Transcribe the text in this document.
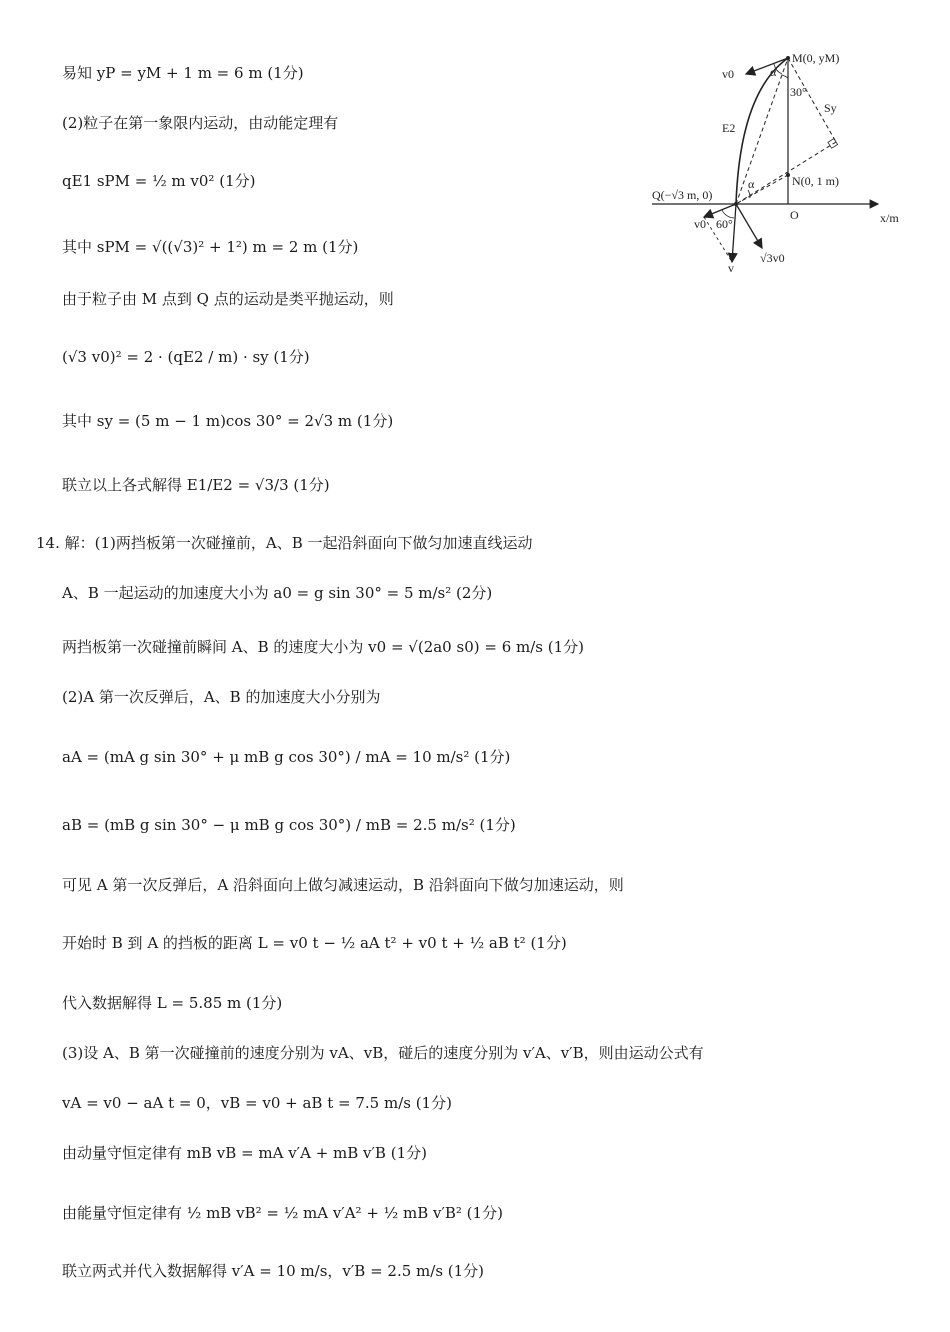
易知 yP = yM + 1 m = 6 m (1分)
(2)粒子在第一象限内运动，由动能定理有
qE1 sPM = ½ m v0² (1分)
其中 sPM = √((√3)² + 1²) m = 2 m (1分)
由于粒子由 M 点到 Q 点的运动是类平抛运动，则
(√3 v0)² = 2 · (qE2 / m) · sy (1分)
其中 sy = (5 m − 1 m)cos 30° = 2√3 m (1分)
联立以上各式解得 E1/E2 = √3/3 (1分)
14. 解：(1)两挡板第一次碰撞前，A、B 一起沿斜面向下做匀加速直线运动
A、B 一起运动的加速度大小为 a0 = g sin 30° = 5 m/s² (2分)
两挡板第一次碰撞前瞬间 A、B 的速度大小为 v0 = √(2a0 s0) = 6 m/s (1分)
(2)A 第一次反弹后，A、B 的加速度大小分别为
aA = (mA g sin 30° + μ mB g cos 30°) / mA = 10 m/s² (1分)
aB = (mB g sin 30° − μ mB g cos 30°) / mB = 2.5 m/s² (1分)
可见 A 第一次反弹后，A 沿斜面向上做匀减速运动，B 沿斜面向下做匀加速运动，则
开始时 B 到 A 的挡板的距离 L = v0 t − ½ aA t² + v0 t + ½ aB t² (1分)
代入数据解得 L = 5.85 m (1分)
(3)设 A、B 第一次碰撞前的速度分别为 vA、vB，碰后的速度分别为 v′A、v′B，则由运动公式有
vA = v0 − aA t = 0，vB = v0 + aB t = 7.5 m/s (1分)
由动量守恒定律有 mB vB = mA v′A + mB v′B (1分)
由能量守恒定律有 ½ mB vB² = ½ mA v′A² + ½ mB v′B² (1分)
联立两式并代入数据解得 v′A = 10 m/s，v′B = 2.5 m/s (1分)
M(0, yM)
N(0, 1 m)
Q(−√3 m, 0)
O	x/m
v0
v0
E2
Sy
α
α
30°
60°
v
√3v0
